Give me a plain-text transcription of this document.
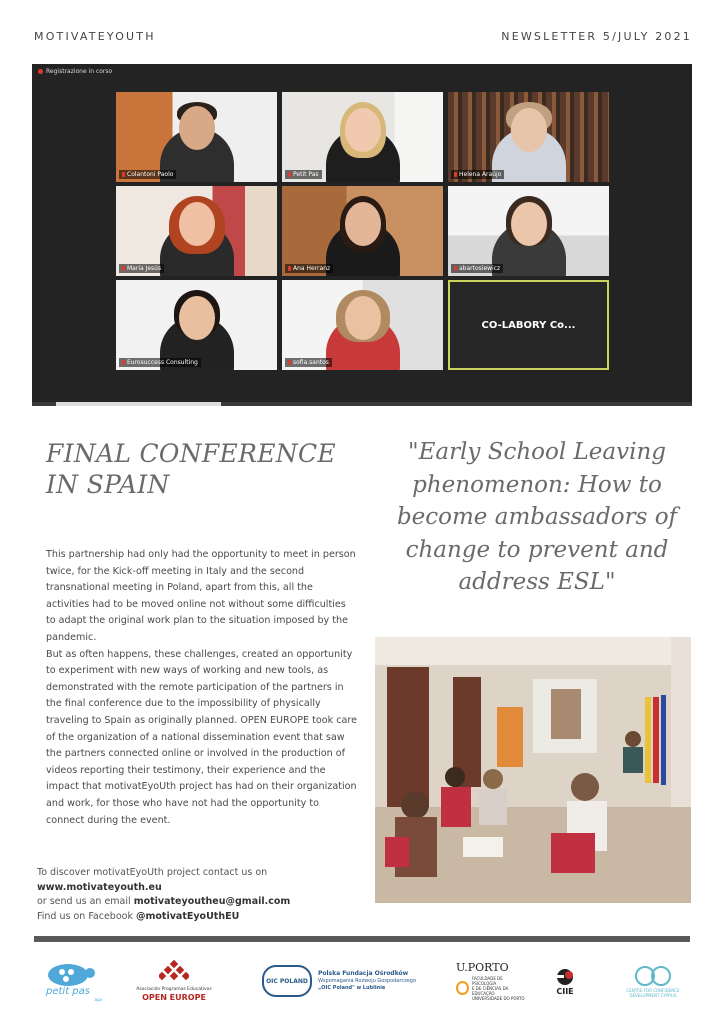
MOTIVATEYOUTH	NEWSLETTER 5/JULY 2021
Registrazione in corso
Colantoni Paolo	Petit Pas	Helena Araújo
Maria Jesús	Ana Herranz	abartosiewicz
Eurosuccess Consulting	sofia.santos
CO-LABORY Co...
FINAL CONFERENCE IN SPAIN

This partnership had only had the opportunity to meet in person twice, for the Kick-off meeting in Italy and the second transnational meeting in Poland, apart from this, all the activities had to be moved online not without some difficulties to adapt the original work plan to the situation imposed by the pandemic.

But as often happens, these challenges, created an opportunity to experiment with new ways of working and new tools, as demonstrated with the remote participation of the partners in the final conference due to the impossibility of physically traveling to Spain as originally planned. OPEN EUROPE took care of the organization of a national dissemination event that saw the partners connected online or involved in the production of videos reporting their testimony, their experience and the impact that motivatEyoUth project has had on their organization and work, for those who have not had the opportunity to connect during the event.

To discover motivatEyoUth project contact us on
www.motivateyouth.eu
or send us an email motivateyoutheu@gmail.com
Find us on Facebook @motivatEyoUthEU
"Early School Leaving phenomenon: How to become ambassadors of change to prevent and address ESL"
petit pas
apa
Asociación Programas Educativos
OPEN EUROPE
OIC POLAND
Polska Fundacja Ośrodków
Wspomagania Rozwoju Gospodarczego
„OIC Poland" w Lublinie
U.PORTO
FACULDADE DE PSICOLOGIA
E DE CIÊNCIAS DA EDUCAÇÃO
UNIVERSIDADE DO PORTO
CIIE	CENTRE FOR CONFIDENCE
DEVELOPMENT CYPRUS
